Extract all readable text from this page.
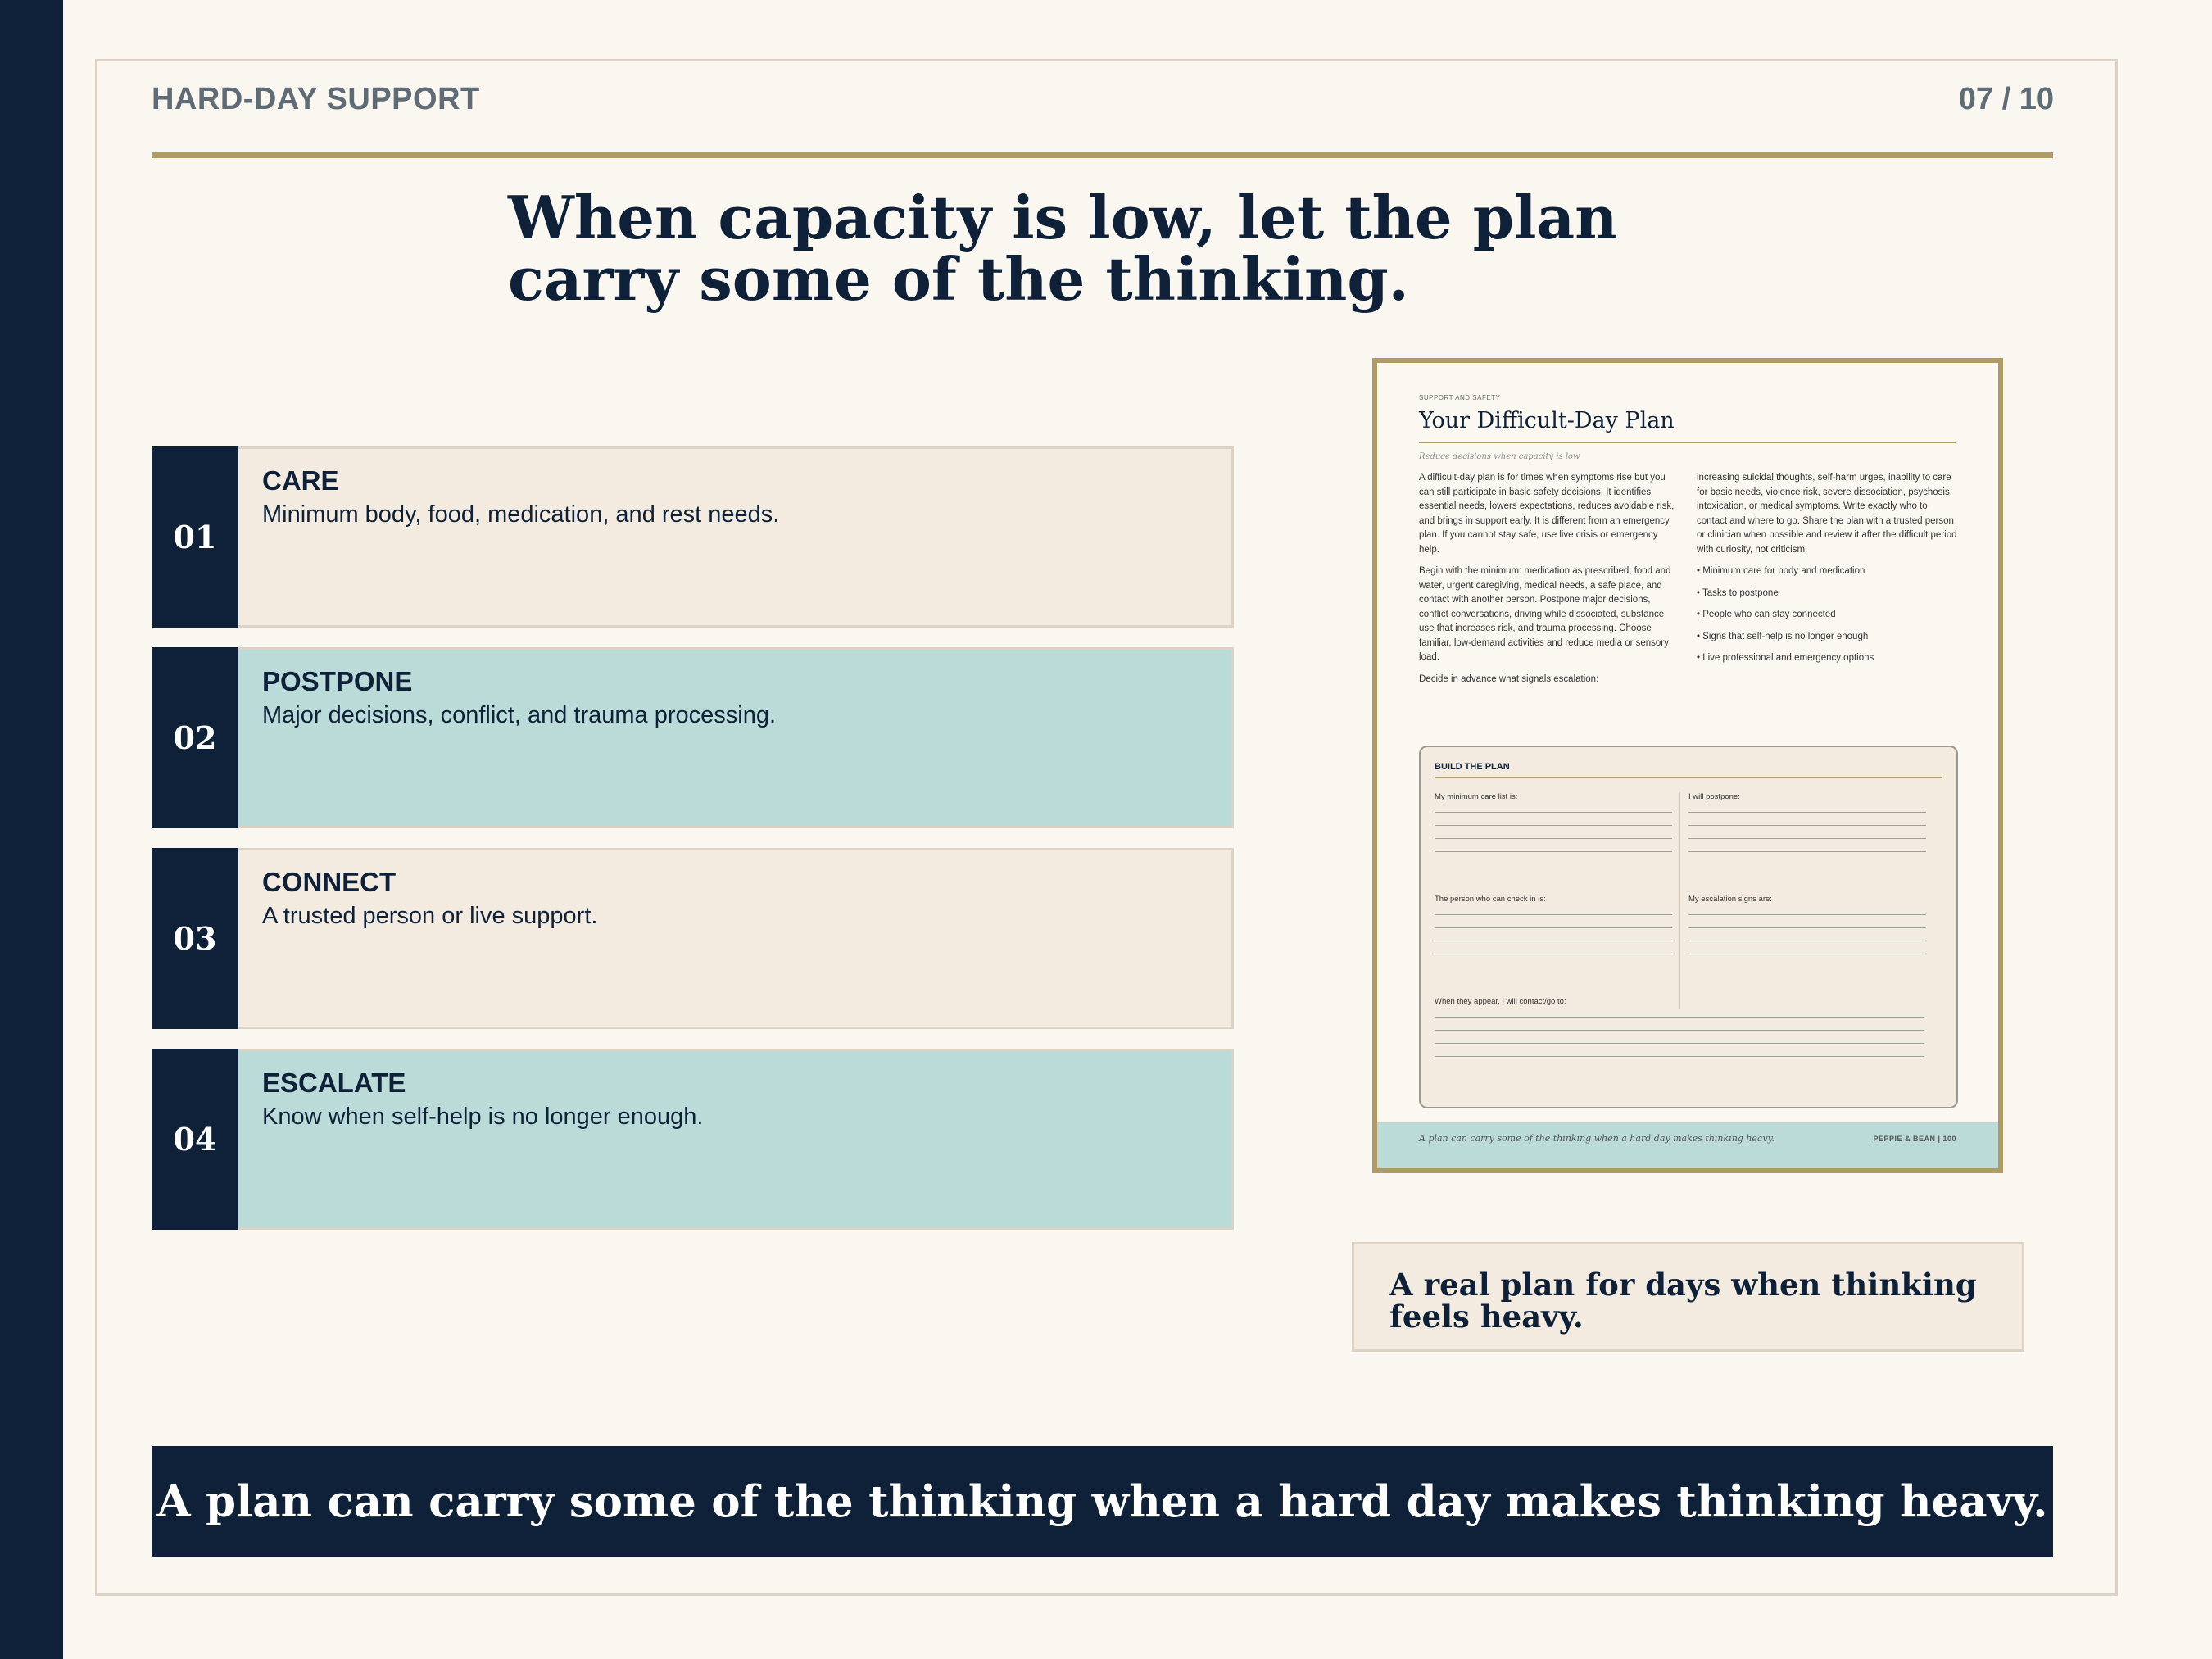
HARD-DAY SUPPORT	07 / 10
When capacity is low, let the plan carry some of the thinking.
01
CARE
Minimum body, food, medication, and rest needs.
02
POSTPONE
Major decisions, conflict, and trauma processing.
03
CONNECT
A trusted person or live support.
04
ESCALATE
Know when self-help is no longer enough.
SUPPORT AND SAFETY
Your Difficult-Day Plan
Reduce decisions when capacity is low

A difficult-day plan is for times when symptoms rise but you can still participate in basic safety decisions. It identifies essential needs, lowers expectations, reduces avoidable risk, and brings in support early. It is different from an emergency plan. If you cannot stay safe, use live crisis or emergency help.

Begin with the minimum: medication as prescribed, food and water, urgent caregiving, medical needs, a safe place, and contact with another person. Postpone major decisions, conflict conversations, driving while dissociated, substance use that increases risk, and trauma processing. Choose familiar, low-demand activities and reduce media or sensory load.

Decide in advance what signals escalation:

increasing suicidal thoughts, self-harm urges, inability to care for basic needs, violence risk, severe dissociation, psychosis, intoxication, or medical symptoms. Write exactly who to contact and where to go. Share the plan with a trusted person or clinician when possible and review it after the difficult period with curiosity, not criticism.

• Minimum care for body and medication
• Tasks to postpone
• People who can stay connected
• Signs that self-help is no longer enough
• Live professional and emergency options
BUILD THE PLAN
My minimum care list is:	I will postpone:
The person who can check in is:	My escalation signs are:
When they appear, I will contact/go to:
A plan can carry some of the thinking when a hard day makes thinking heavy.	PEPPIE & BEAN | 100
A real plan for days when thinking feels heavy.
A plan can carry some of the thinking when a hard day makes thinking heavy.
